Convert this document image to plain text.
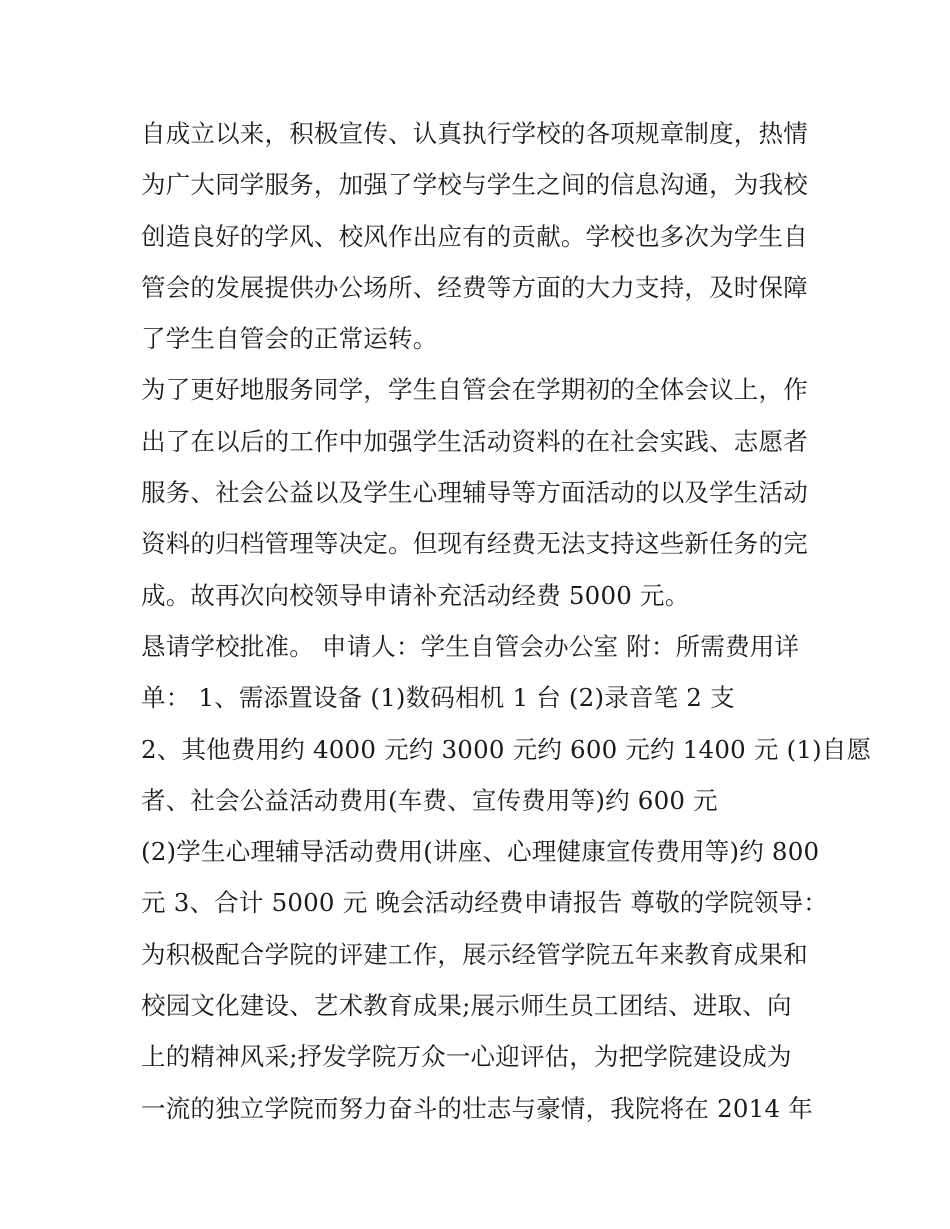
自成立以来，积极宣传、认真执行学校的各项规章制度，热情
为广大同学服务，加强了学校与学生之间的信息沟通，为我校
创造良好的学风、校风作出应有的贡献。学校也多次为学生自
管会的发展提供办公场所、经费等方面的大力支持，及时保障
了学生自管会的正常运转。
为了更好地服务同学，学生自管会在学期初的全体会议上，作
出了在以后的工作中加强学生活动资料的在社会实践、志愿者
服务、社会公益以及学生心理辅导等方面活动的以及学生活动
资料的归档管理等决定。但现有经费无法支持这些新任务的完
成。故再次向校领导申请补充活动经费 5000 元。
恳请学校批准。 申请人：学生自管会办公室 附：所需费用详
单： 1、需添置设备 (1)数码相机 1 台 (2)录音笔 2 支
2、其他费用约 4000 元约 3000 元约 600 元约 1400 元 (1)自愿
者、社会公益活动费用(车费、宣传费用等)约 600 元
(2)学生心理辅导活动费用(讲座、心理健康宣传费用等)约 800
元 3、合计 5000 元 晚会活动经费申请报告 尊敬的学院领导：
为积极配合学院的评建工作，展示经管学院五年来教育成果和
校园文化建设、艺术教育成果;展示师生员工团结、进取、向
上的精神风采;抒发学院万众一心迎评估，为把学院建设成为
一流的独立学院而努力奋斗的壮志与豪情，我院将在 2014 年
